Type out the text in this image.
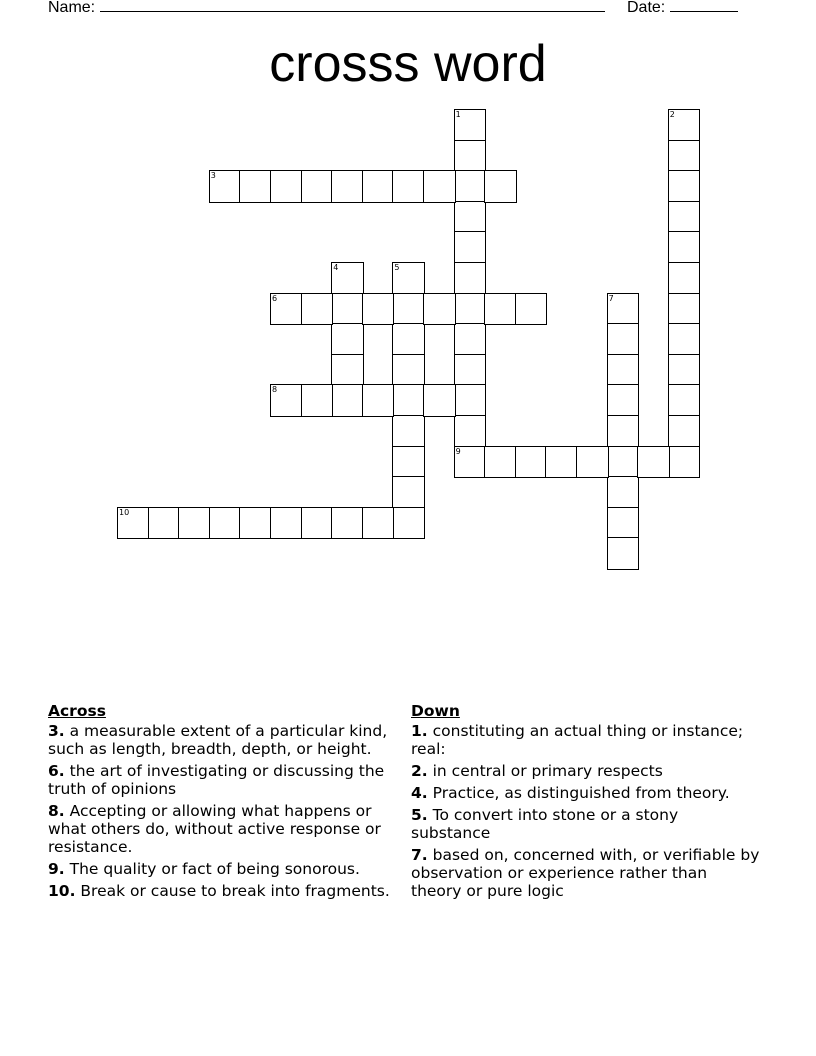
Name:	Date:
crosss word
1
9
2
3
4	5
6	7
8
10
Across
3. a measurable extent of a particular kind, such as length, breadth, depth, or height.
6. the art of investigating or discussing the truth of opinions
8. Accepting or allowing what happens or what others do, without active response or resistance.
9. The quality or fact of being sonorous.
10. Break or cause to break into fragments.
Down
1. constituting an actual thing or instance; real:
2. in central or primary respects
4. Practice, as distinguished from theory.
5. To convert into stone or a stony substance
7. based on, concerned with, or verifiable by observation or experience rather than theory or pure logic
